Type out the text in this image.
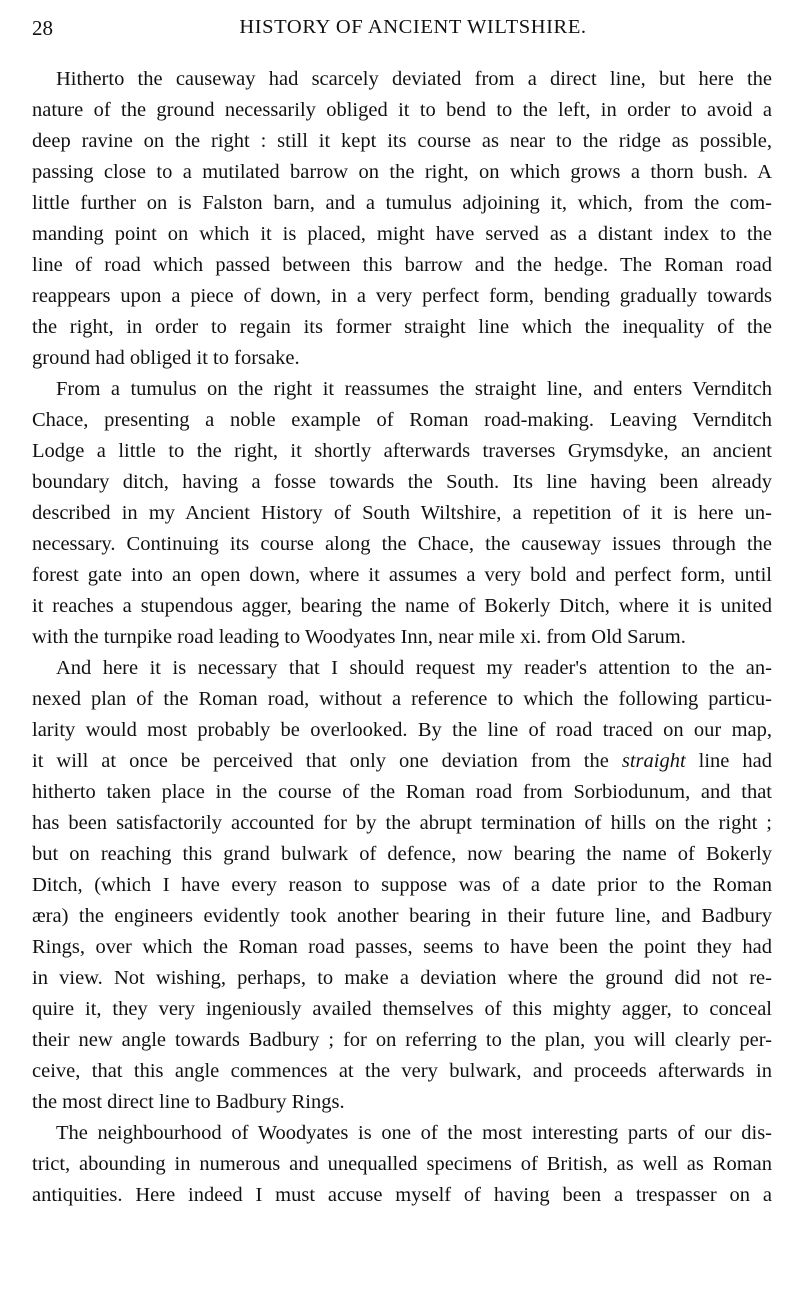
28	HISTORY OF ANCIENT WILTSHIRE.
Hitherto the causeway had scarcely deviated from a direct line, but here the
nature of the ground necessarily obliged it to bend to the left, in order to avoid a
deep ravine on the right : still it kept its course as near to the ridge as possible,
passing close to a mutilated barrow on the right, on which grows a thorn bush. A
little further on is Falston barn, and a tumulus adjoining it, which, from the com-
manding point on which it is placed, might have served as a distant index to the
line of road which passed between this barrow and the hedge. The Roman road
reappears upon a piece of down, in a very perfect form, bending gradually towards
the right, in order to regain its former straight line which the inequality of the
ground had obliged it to forsake.
From a tumulus on the right it reassumes the straight line, and enters Vernditch
Chace, presenting a noble example of Roman road-making. Leaving Vernditch
Lodge a little to the right, it shortly afterwards traverses Grymsdyke, an ancient
boundary ditch, having a fosse towards the South. Its line having been already
described in my Ancient History of South Wiltshire, a repetition of it is here un-
necessary. Continuing its course along the Chace, the causeway issues through the
forest gate into an open down, where it assumes a very bold and perfect form, until
it reaches a stupendous agger, bearing the name of Bokerly Ditch, where it is united
with the turnpike road leading to Woodyates Inn, near mile xi. from Old Sarum.
And here it is necessary that I should request my reader's attention to the an-
nexed plan of the Roman road, without a reference to which the following particu-
larity would most probably be overlooked. By the line of road traced on our map,
it will at once be perceived that only one deviation from the straight line had
hitherto taken place in the course of the Roman road from Sorbiodunum, and that
has been satisfactorily accounted for by the abrupt termination of hills on the right ;
but on reaching this grand bulwark of defence, now bearing the name of Bokerly
Ditch, (which I have every reason to suppose was of a date prior to the Roman
æra) the engineers evidently took another bearing in their future line, and Badbury
Rings, over which the Roman road passes, seems to have been the point they had
in view. Not wishing, perhaps, to make a deviation where the ground did not re-
quire it, they very ingeniously availed themselves of this mighty agger, to conceal
their new angle towards Badbury ; for on referring to the plan, you will clearly per-
ceive, that this angle commences at the very bulwark, and proceeds afterwards in
the most direct line to Badbury Rings.
The neighbourhood of Woodyates is one of the most interesting parts of our dis-
trict, abounding in numerous and unequalled specimens of British, as well as Roman
antiquities. Here indeed I must accuse myself of having been a trespasser on a
